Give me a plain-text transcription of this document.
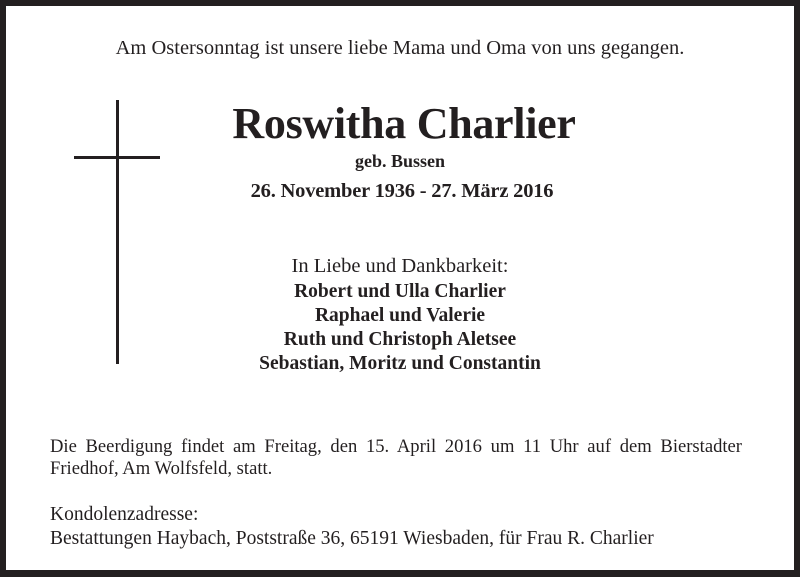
Am Ostersonntag ist unsere liebe Mama und Oma von uns gegangen.
Roswitha Charlier
geb. Bussen
26. November 1936 - 27. März 2016
In Liebe und Dankbarkeit:
Robert und Ulla Charlier
Raphael und Valerie
Ruth und Christoph Aletsee
Sebastian, Moritz und Constantin
Die Beerdigung findet am Freitag, den 15. April 2016 um 11 Uhr auf dem Bierstadter
Friedhof, Am Wolfsfeld, statt.
Kondolenzadresse:
Bestattungen Haybach, Poststraße 36, 65191 Wiesbaden, für Frau R. Charlier
